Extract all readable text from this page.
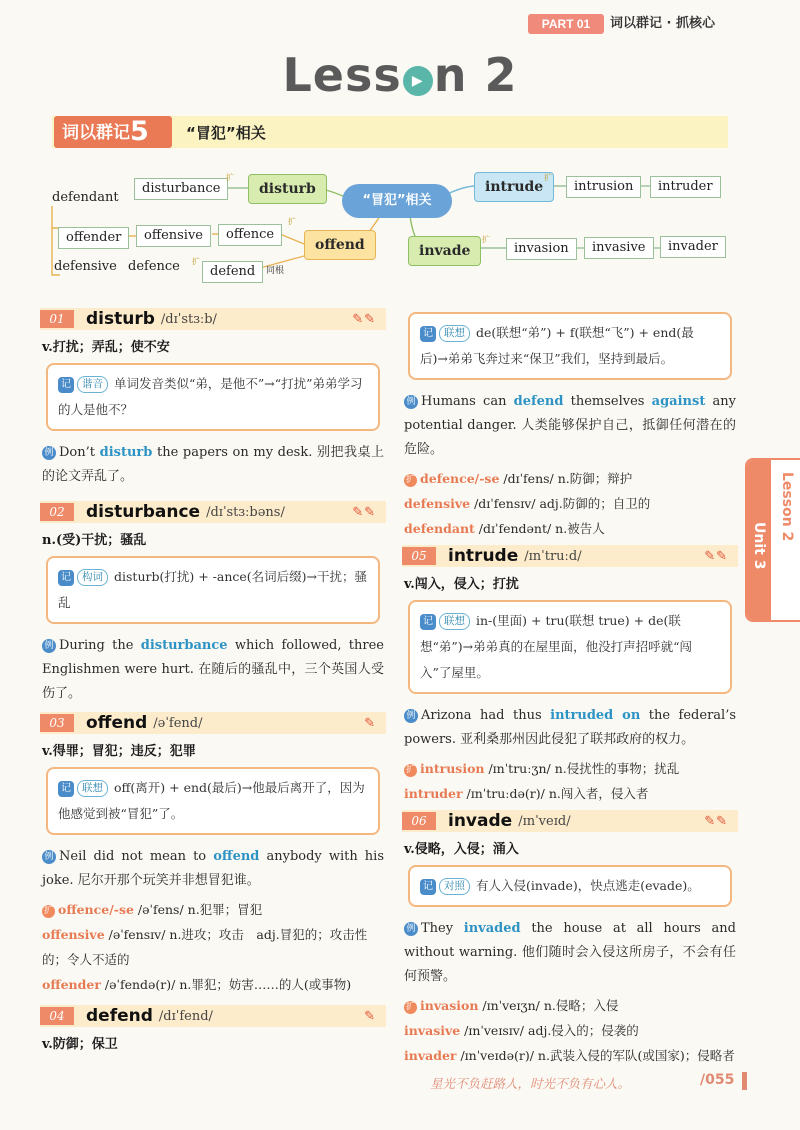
PART 01	词以群记 · 抓核心
Less ▶ n 2
词以群记5	“冒犯”相关
“冒犯”相关
defendant
disturbance
扩
disturb	intrude
扩
intrusion	intruder
offender	offensive	offence
扩
offend
defensive defence 扩
defend	同根
invade
扩
invasion	invasive	invader
01	disturb /dɪˈstɜːb/	✎✎
v.打扰；弄乱；使不安
记 谐音 单词发音类似“弟，是他不”→“打扰”弟弟学习的人是他不？
例 Don’t disturb the papers on my desk. 别把我桌上的论文弄乱了。
02	disturbance /dɪˈstɜːbəns/	✎✎
n.(受)干扰；骚乱
记 构词 disturb(打扰) + -ance(名词后缀)→干扰；骚乱
例 During the disturbance which followed, three Englishmen were hurt. 在随后的骚乱中，三个英国人受伤了。
03	offend /əˈfend/	✎
v.得罪；冒犯；违反；犯罪
记 联想 off(离开) + end(最后)→他最后离开了，因为他感觉到被“冒犯”了。
例 Neil did not mean to offend anybody with his joke. 尼尔开那个玩笑并非想冒犯谁。
扩 offence/-se /əˈfens/ n.犯罪；冒犯
offensive /əˈfensɪv/ n.进攻；攻击　adj.冒犯的；攻击性的；令人不适的
offender /əˈfendə(r)/ n.罪犯；妨害……的人(或事物)
04	defend /dɪˈfend/	✎
v.防御；保卫
记 联想 de(联想“弟”) + f(联想“飞”) + end(最后)→弟弟飞奔过来“保卫”我们，坚持到最后。
例 Humans can defend themselves against any potential danger. 人类能够保护自己，抵御任何潜在的危险。
扩 defence/-se /dɪˈfens/ n.防御；辩护
defensive /dɪˈfensɪv/ adj.防御的；自卫的
defendant /dɪˈfendənt/ n.被告人
05	intrude /ɪnˈtruːd/	✎✎
v.闯入，侵入；打扰
记 联想 in-(里面) + tru(联想 true) + de(联想“弟”)→弟弟真的在屋里面，他没打声招呼就“闯入”了屋里。
例 Arizona had thus intruded on the federal’s powers. 亚利桑那州因此侵犯了联邦政府的权力。
扩 intrusion /ɪnˈtruːʒn/ n.侵扰性的事物；扰乱
intruder /ɪnˈtruːdə(r)/ n.闯入者，侵入者
06	invade /ɪnˈveɪd/	✎✎
v.侵略，入侵；涌入
记 对照 有人入侵(invade)，快点逃走(evade)。
例 They invaded the house at all hours and without warning. 他们随时会入侵这所房子，不会有任何预警。
扩 invasion /ɪnˈveɪʒn/ n.侵略；入侵
invasive /ɪnˈveɪsɪv/ adj.侵入的；侵袭的
invader /ɪnˈveɪdə(r)/ n.武装入侵的军队(或国家)；侵略者
Unit 3
Lesson 2
星光不负赶路人，时光不负有心人。	/055
